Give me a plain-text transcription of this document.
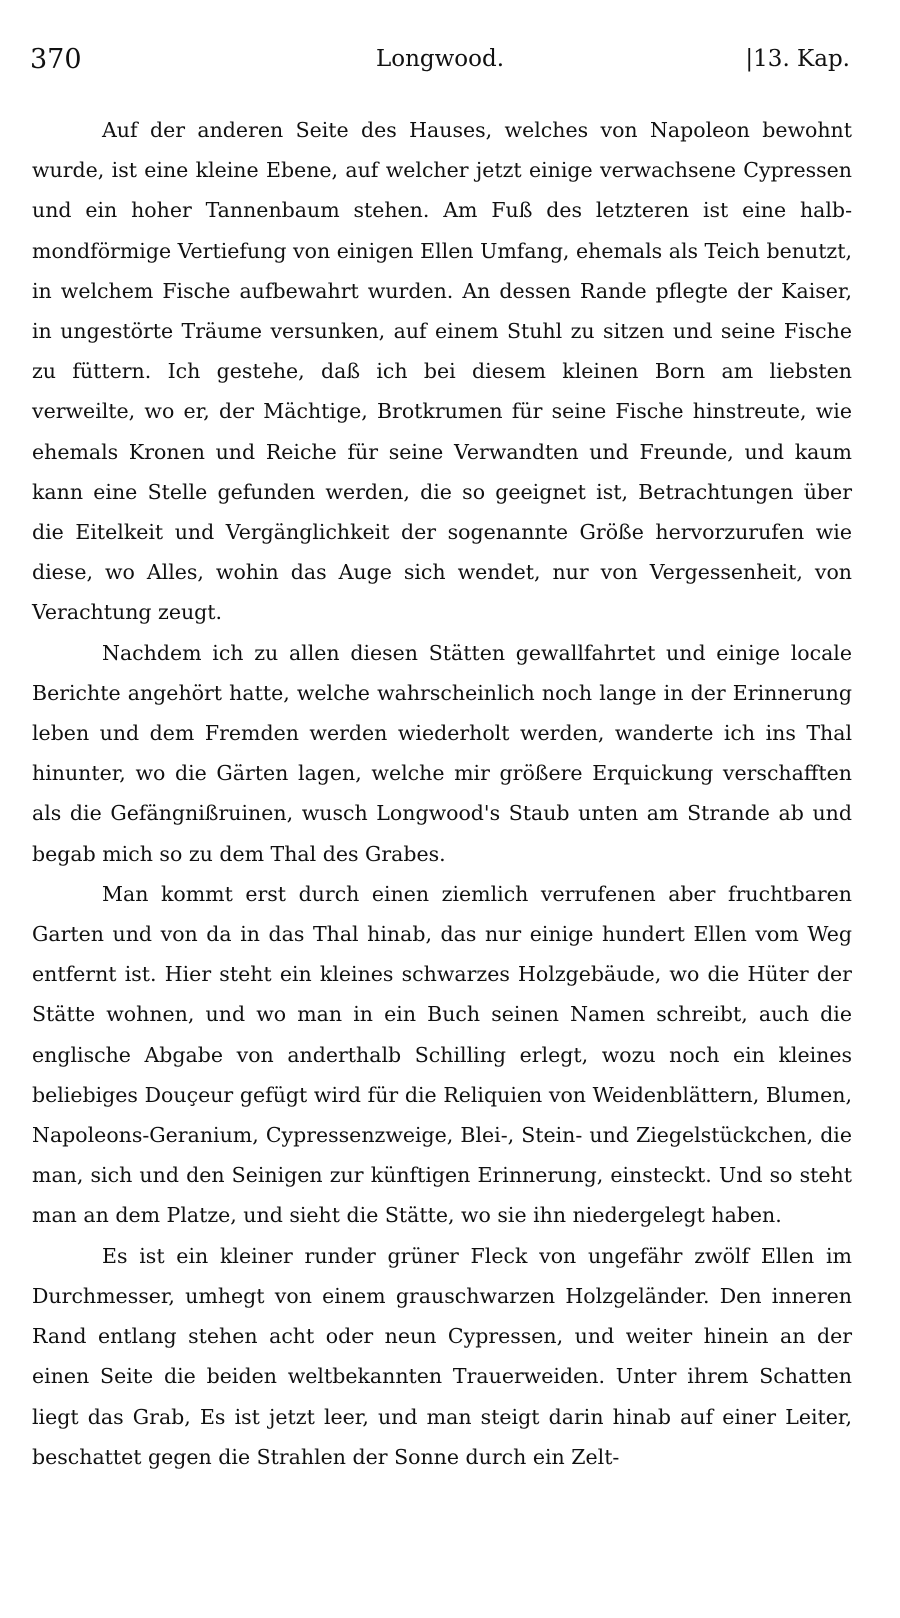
370	Longwood.	|13. Kap.

Auf der anderen Seite des Hauses, welches von Napoleon bewohnt wurde, ist eine kleine Ebene, auf welcher jetzt einige verwachsene Cypressen und ein hoher Tannenbaum stehen. Am Fuß des letzteren ist eine halbmondförmige Vertiefung von einigen Ellen Umfang, ehemals als Teich benutzt, in welchem Fische aufbewahrt wurden. An dessen Rande pflegte der Kaiser, in ungestörte Träume versunken, auf einem Stuhl zu sitzen und seine Fische zu füttern. Ich gestehe, daß ich bei diesem kleinen Born am liebsten verweilte, wo er, der Mächtige, Brotkrumen für seine Fische hinstreute, wie ehemals Kronen und Reiche für seine Verwandten und Freunde, und kaum kann eine Stelle gefunden werden, die so geeignet ist, Betrachtungen über die Eitelkeit und Vergänglichkeit der sogenannte Größe hervorzurufen wie diese, wo Alles, wohin das Auge sich wendet, nur von Vergessenheit, von Verachtung zeugt.

Nachdem ich zu allen diesen Stätten gewallfahrtet und einige locale Berichte angehört hatte, welche wahrscheinlich noch lange in der Erinnerung leben und dem Fremden werden wiederholt werden, wanderte ich ins Thal hinunter, wo die Gärten lagen, welche mir größere Erquickung verschafften als die Gefängnißruinen, wusch Longwood's Staub unten am Strande ab und begab mich so zu dem Thal des Grabes.

Man kommt erst durch einen ziemlich verrufenen aber fruchtbaren Garten und von da in das Thal hinab, das nur einige hundert Ellen vom Weg entfernt ist. Hier steht ein kleines schwarzes Holzgebäude, wo die Hüter der Stätte wohnen, und wo man in ein Buch seinen Namen schreibt, auch die englische Abgabe von anderthalb Schilling erlegt, wozu noch ein kleines beliebiges Douçeur gefügt wird für die Reliquien von Weidenblättern, Blumen, Napoleons-Geranium, Cypressenzweige, Blei-, Stein- und Ziegelstückchen, die man, sich und den Seinigen zur künftigen Erinnerung, einsteckt. Und so steht man an dem Platze, und sieht die Stätte, wo sie ihn niedergelegt haben.

Es ist ein kleiner runder grüner Fleck von ungefähr zwölf Ellen im Durchmesser, umhegt von einem grauschwarzen Holzgeländer. Den inneren Rand entlang stehen acht oder neun Cypressen, und weiter hinein an der einen Seite die beiden weltbekannten Trauerweiden. Unter ihrem Schatten liegt das Grab, Es ist jetzt leer, und man steigt darin hinab auf einer Leiter, beschattet gegen die Strahlen der Sonne durch ein Zelt-
